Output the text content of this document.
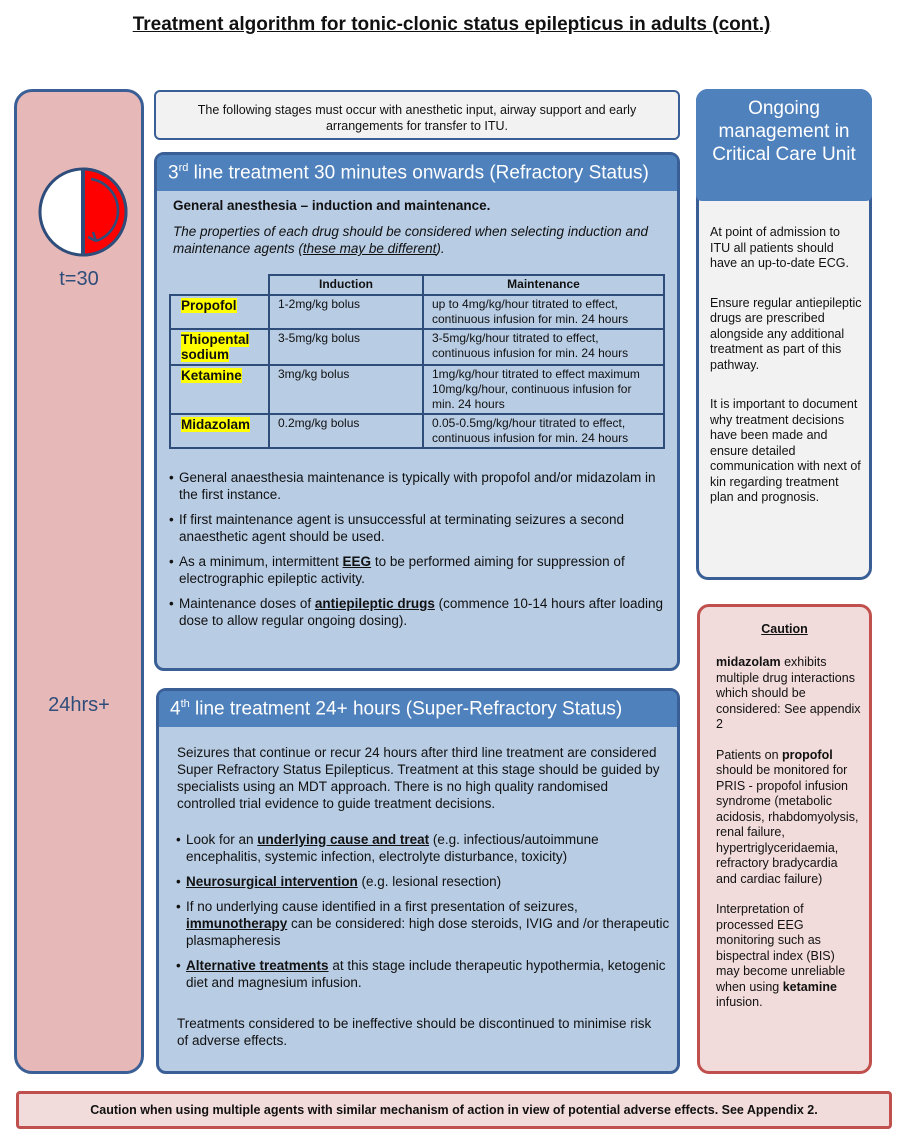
Treatment algorithm for tonic-clonic status epilepticus in adults (cont.)
t=30
24hrs+
The following stages must occur with anesthetic input, airway support and early arrangements for transfer to ITU.
3rd line treatment 30 minutes onwards (Refractory Status)
General anesthesia – induction and maintenance.
The properties of each drug should be considered when selecting induction and maintenance agents (these may be different).
	Induction	Maintenance
Propofol	1-2mg/kg bolus	up to 4mg/kg/hour titrated to effect, continuous infusion for min. 24 hours
Thiopental sodium	3-5mg/kg bolus	3-5mg/kg/hour titrated to effect, continuous infusion for min. 24 hours
Ketamine	3mg/kg bolus	1mg/kg/hour titrated to effect maximum 10mg/kg/hour, continuous infusion for min. 24 hours
Midazolam	0.2mg/kg bolus	0.05-0.5mg/kg/hour titrated to effect, continuous infusion for min. 24 hours
• General anaesthesia maintenance is typically with propofol and/or midazolam in the first instance.
• If first maintenance agent is unsuccessful at terminating seizures a second anaesthetic agent should be used.
• As a minimum, intermittent EEG to be performed aiming for suppression of electrographic epileptic activity.
• Maintenance doses of antiepileptic drugs (commence 10-14 hours after loading dose to allow regular ongoing dosing).
4th line treatment 24+ hours (Super-Refractory Status)
Seizures that continue or recur 24 hours after third line treatment are considered Super Refractory Status Epilepticus. Treatment at this stage should be guided by specialists using an MDT approach. There is no high quality randomised controlled trial evidence to guide treatment decisions.
• Look for an underlying cause and treat (e.g. infectious/autoimmune encephalitis, systemic infection, electrolyte disturbance, toxicity)
• Neurosurgical intervention (e.g. lesional resection)
• If no underlying cause identified in a first presentation of seizures, immunotherapy can be considered: high dose steroids, IVIG and /or therapeutic plasmapheresis
• Alternative treatments at this stage include therapeutic hypothermia, ketogenic diet and magnesium infusion.
Treatments considered to be ineffective should be discontinued to minimise risk of adverse effects.
Ongoing management in Critical Care Unit

At point of admission to ITU all patients should have an up-to-date ECG.

Ensure regular antiepileptic drugs are prescribed alongside any additional treatment as part of this pathway.

It is important to document why treatment decisions have been made and ensure detailed communication with next of kin regarding treatment plan and prognosis.

Caution

midazolam exhibits multiple drug interactions which should be considered: See appendix 2

Patients on propofol should be monitored for PRIS - propofol infusion syndrome (metabolic acidosis, rhabdomyolysis, renal failure, hypertriglyceridaemia, refractory bradycardia and cardiac failure)

Interpretation of processed EEG monitoring such as bispectral index (BIS) may become unreliable when using ketamine infusion.

Caution when using multiple agents with similar mechanism of action in view of potential adverse effects. See Appendix 2.
